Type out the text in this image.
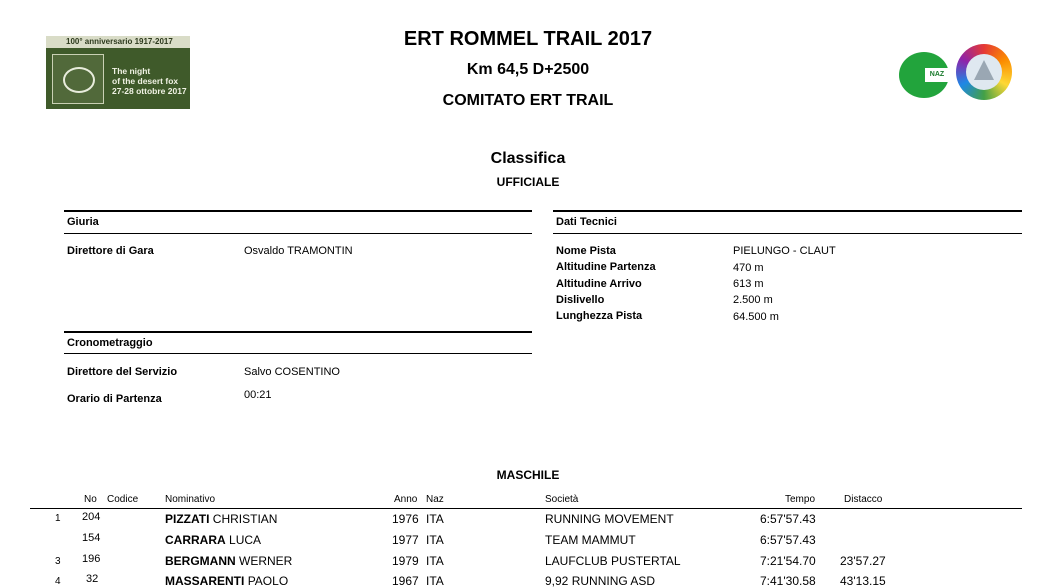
100° anniversario 1917-2017
The night
of the desert fox
27-28 ottobre 2017
ERT ROMMEL TRAIL 2017
Km 64,5 D+2500
COMITATO ERT TRAIL
NAZ
Classifica
UFFICIALE
Giuria
Direttore di Gara	Osvaldo TRAMONTIN
Cronometraggio
Direttore del Servizio	Salvo COSENTINO
Orario di Partenza	00:21
Dati Tecnici
Nome Pista	PIELUNGO - CLAUT
Altitudine Partenza	470 m
Altitudine Arrivo	613 m
Dislivello	2.500 m
Lunghezza Pista	64.500 m
MASCHILE
No Codice	Nominativo	Anno Naz	Società	Tempo	Distacco
1 204	PIZZATI CHRISTIAN	1976 ITA	RUNNING MOVEMENT	6:57'57.43
154	CARRARA LUCA	1977 ITA	TEAM MAMMUT	6:57'57.43
3 196	BERGMANN WERNER	1979 ITA	LAUFCLUB PUSTERTAL	7:21'54.70 23'57.27
4 32	MASSARENTI PAOLO	1967 ITA	9,92 RUNNING ASD	7:41'30.58 43'13.15
